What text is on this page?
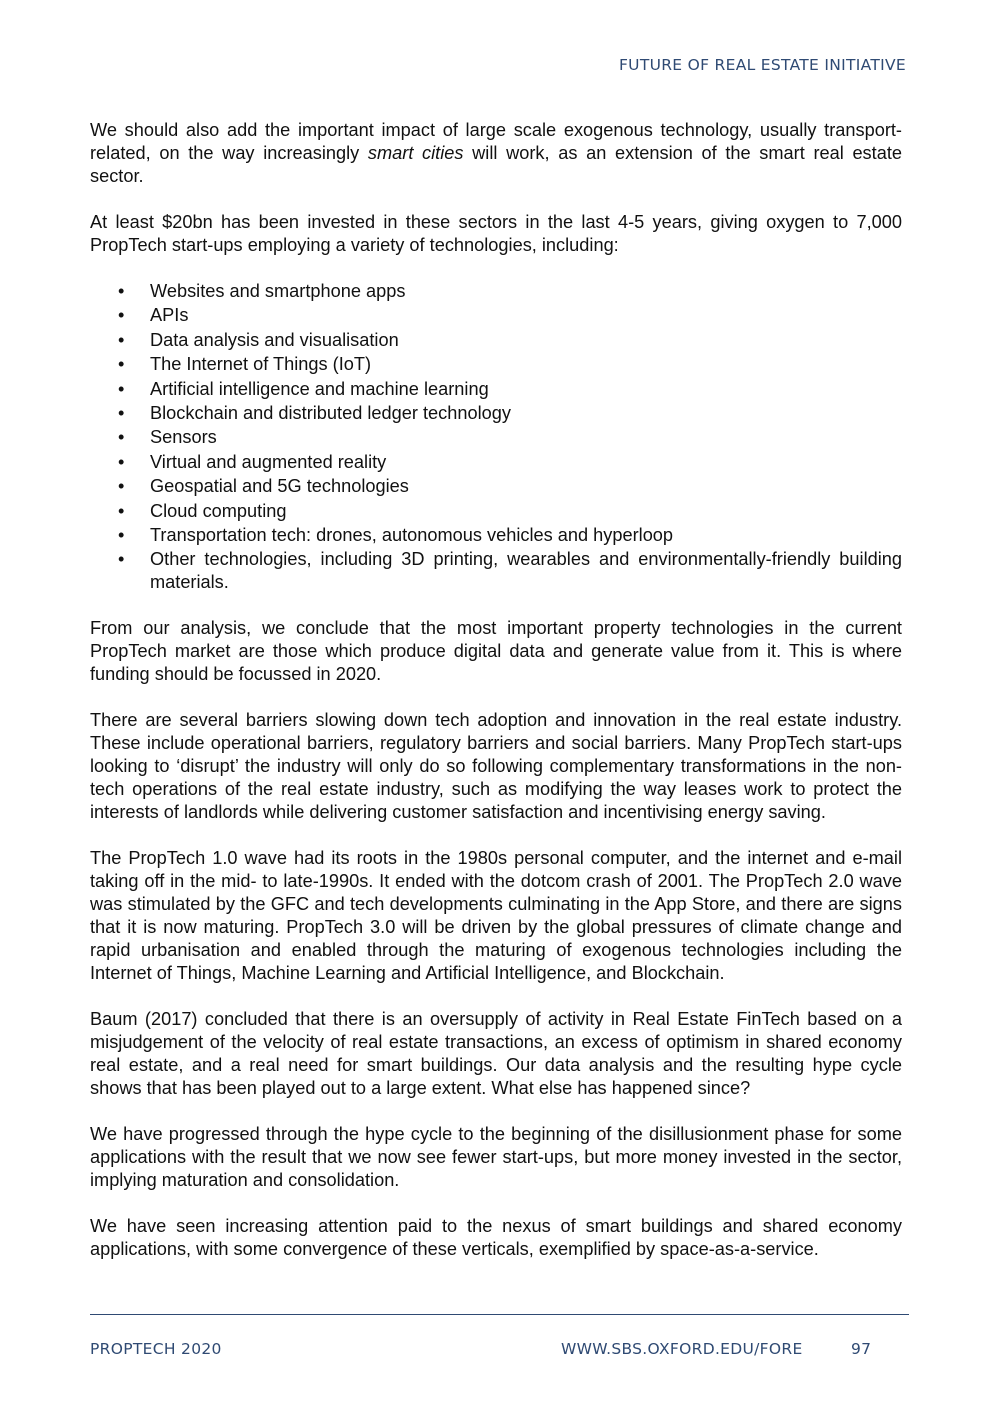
FUTURE OF REAL ESTATE INITIATIVE

We should also add the important impact of large scale exogenous technology, usually transport-related, on the way increasingly smart cities will work, as an extension of the smart real estate sector.

At least $20bn has been invested in these sectors in the last 4-5 years, giving oxygen to 7,000 PropTech start-ups employing a variety of technologies, including:

• Websites and smartphone apps
• APIs
• Data analysis and visualisation
• The Internet of Things (IoT)
• Artificial intelligence and machine learning
• Blockchain and distributed ledger technology
• Sensors
• Virtual and augmented reality
• Geospatial and 5G technologies
• Cloud computing
• Transportation tech: drones, autonomous vehicles and hyperloop
• Other technologies, including 3D printing, wearables and environmentally-friendly building materials.

From our analysis, we conclude that the most important property technologies in the current PropTech market are those which produce digital data and generate value from it. This is where funding should be focussed in 2020.

There are several barriers slowing down tech adoption and innovation in the real estate industry. These include operational barriers, regulatory barriers and social barriers. Many PropTech start-ups looking to ‘disrupt’ the industry will only do so following complementary transformations in the non-tech operations of the real estate industry, such as modifying the way leases work to protect the interests of landlords while delivering customer satisfaction and incentivising energy saving.

The PropTech 1.0 wave had its roots in the 1980s personal computer, and the internet and e-mail taking off in the mid- to late-1990s. It ended with the dotcom crash of 2001. The PropTech 2.0 wave was stimulated by the GFC and tech developments culminating in the App Store, and there are signs that it is now maturing. PropTech 3.0 will be driven by the global pressures of climate change and rapid urbanisation and enabled through the maturing of exogenous technologies including the Internet of Things, Machine Learning and Artificial Intelligence, and Blockchain.

Baum (2017) concluded that there is an oversupply of activity in Real Estate FinTech based on a misjudgement of the velocity of real estate transactions, an excess of optimism in shared economy real estate, and a real need for smart buildings. Our data analysis and the resulting hype cycle shows that has been played out to a large extent. What else has happened since?

We have progressed through the hype cycle to the beginning of the disillusionment phase for some applications with the result that we now see fewer start-ups, but more money invested in the sector, implying maturation and consolidation.

We have seen increasing attention paid to the nexus of smart buildings and shared economy applications, with some convergence of these verticals, exemplified by space-as-a-service.

PROPTECH 2020	WWW.SBS.OXFORD.EDU/FORE	97
